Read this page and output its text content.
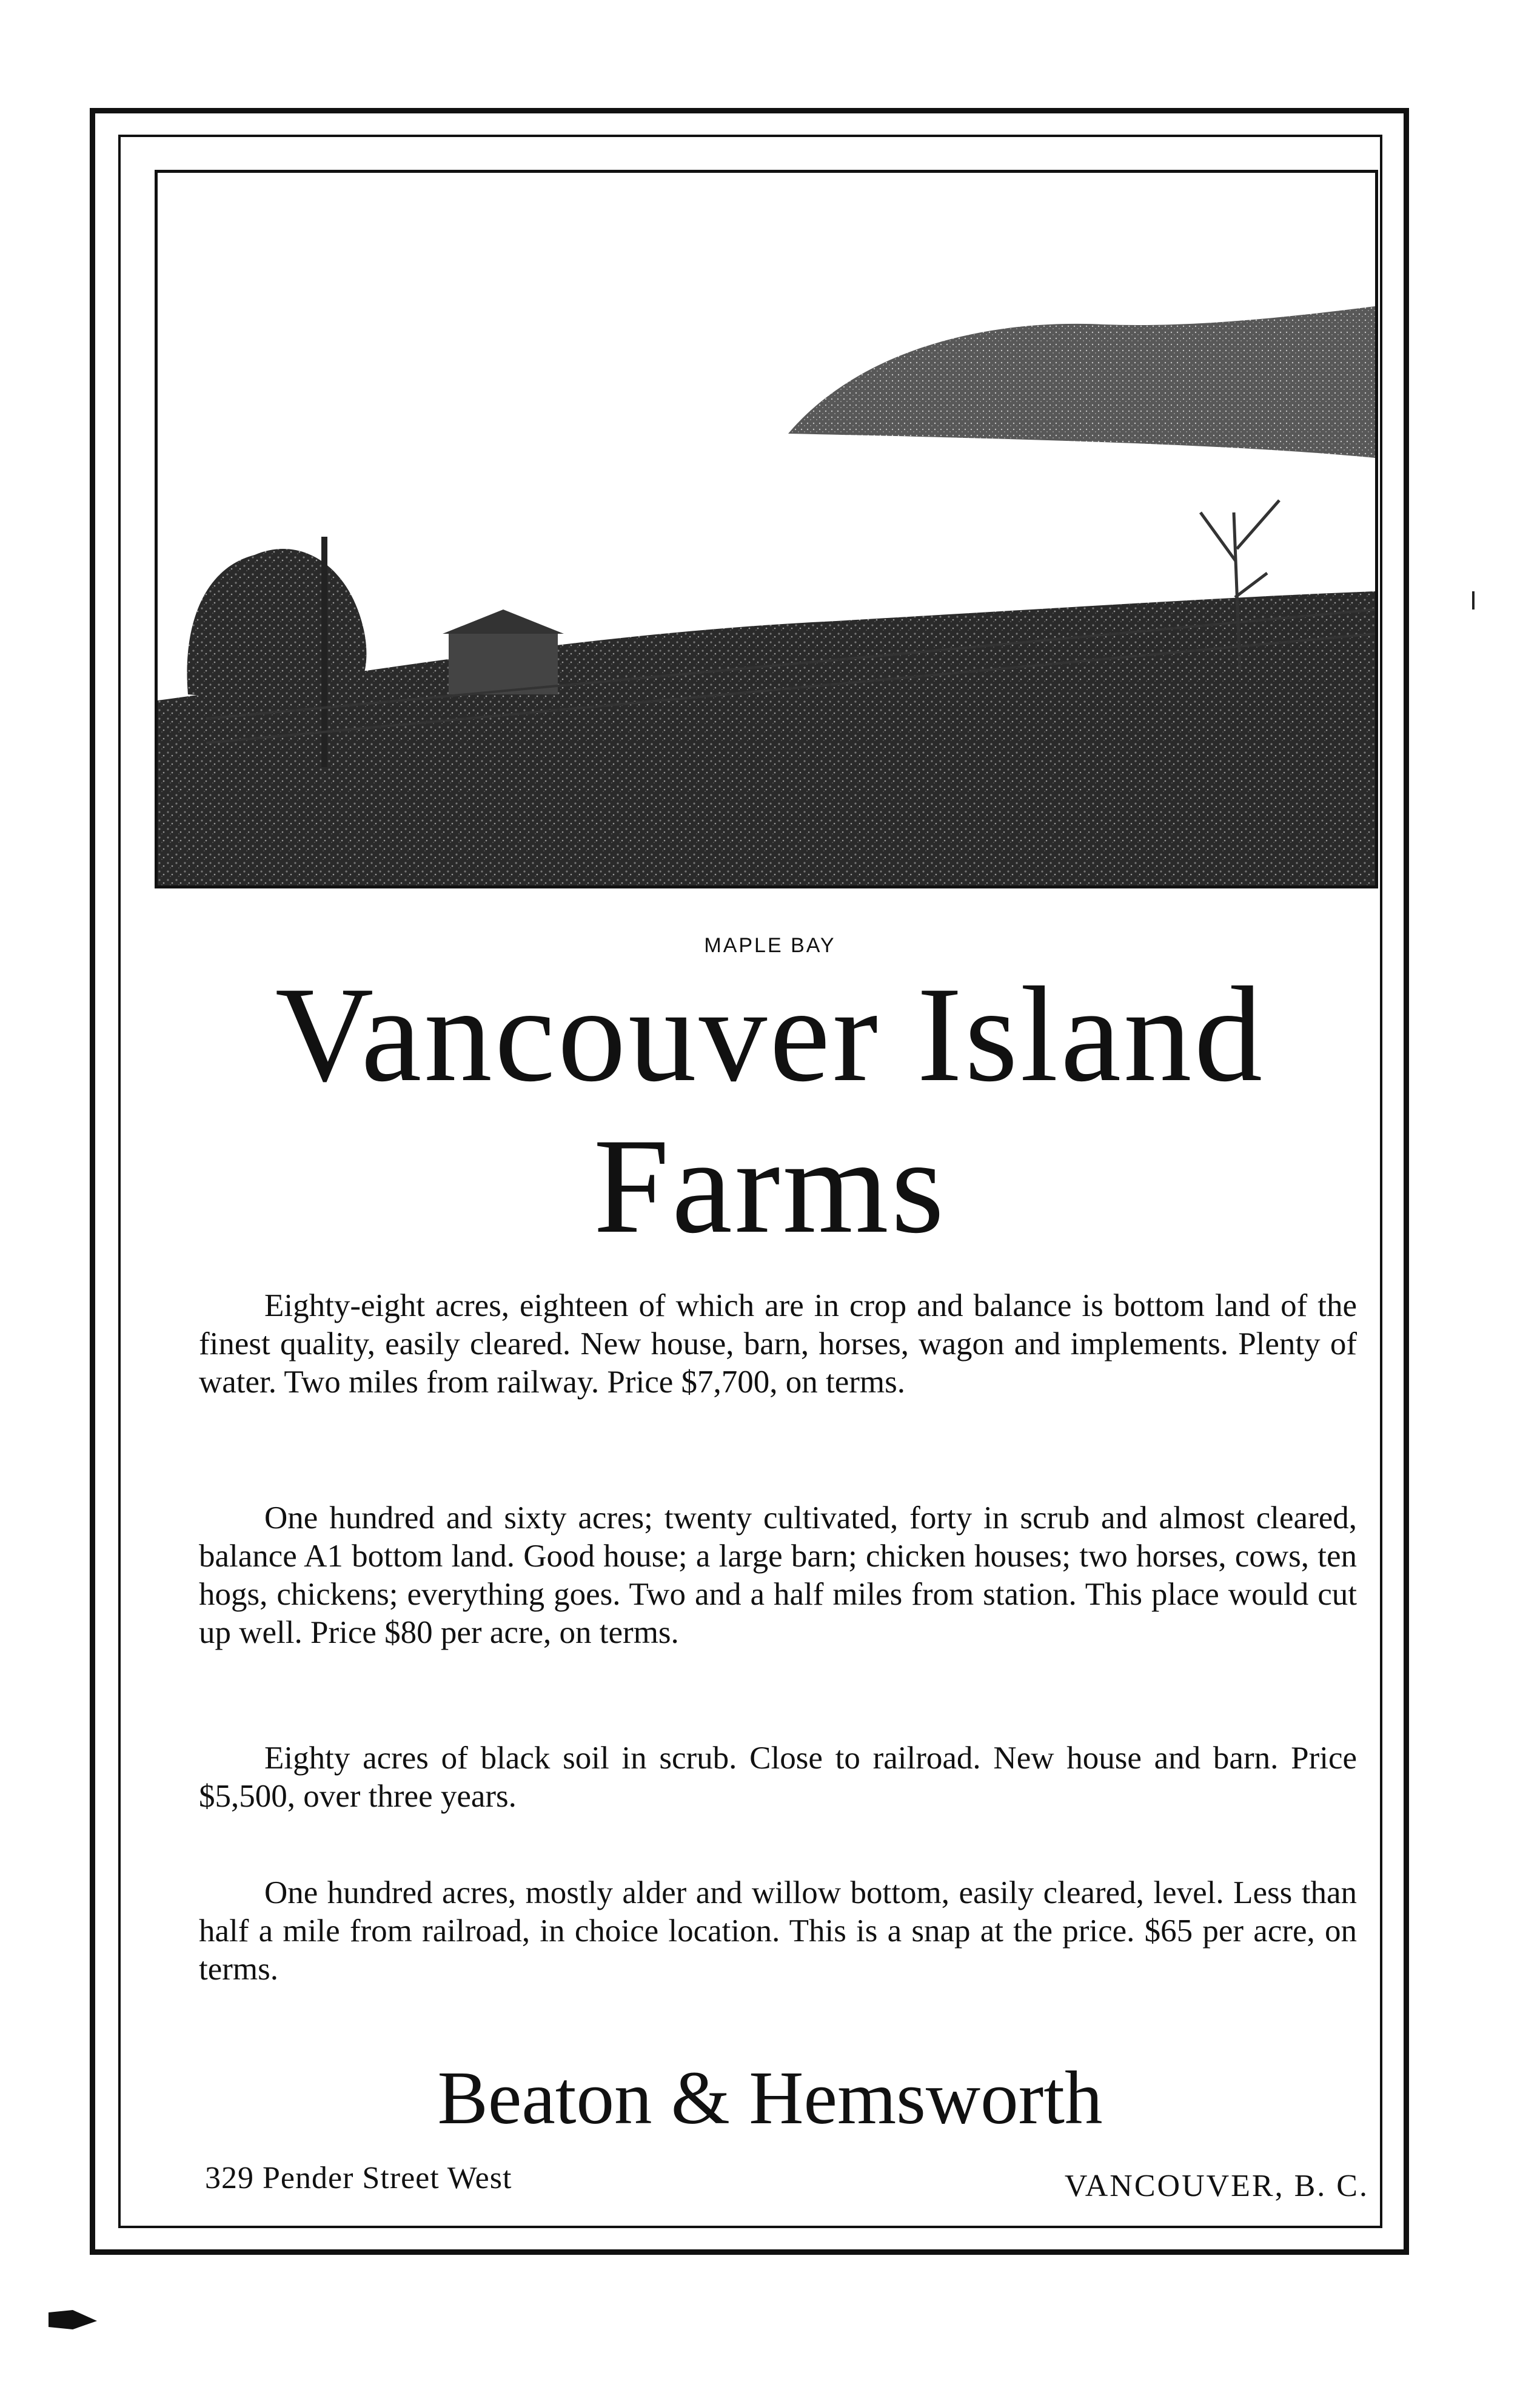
MAPLE BAY
Vancouver Island
Farms

Eighty-eight acres, eighteen of which are in crop and balance is bottom land of the finest quality, easily cleared. New house, barn, horses, wagon and implements. Plenty of water. Two miles from railway. Price $7,700, on terms.

One hundred and sixty acres; twenty cultivated, forty in scrub and almost cleared, balance A1 bottom land. Good house; a large barn; chicken houses; two horses, cows, ten hogs, chickens; everything goes. Two and a half miles from station. This place would cut up well. Price $80 per acre, on terms.

Eighty acres of black soil in scrub. Close to railroad. New house and barn. Price $5,500, over three years.

One hundred acres, mostly alder and willow bottom, easily cleared, level. Less than half a mile from railroad, in choice location. This is a snap at the price. $65 per acre, on terms.

Beaton & Hemsworth
329 Pender Street West	VANCOUVER, B. C.
